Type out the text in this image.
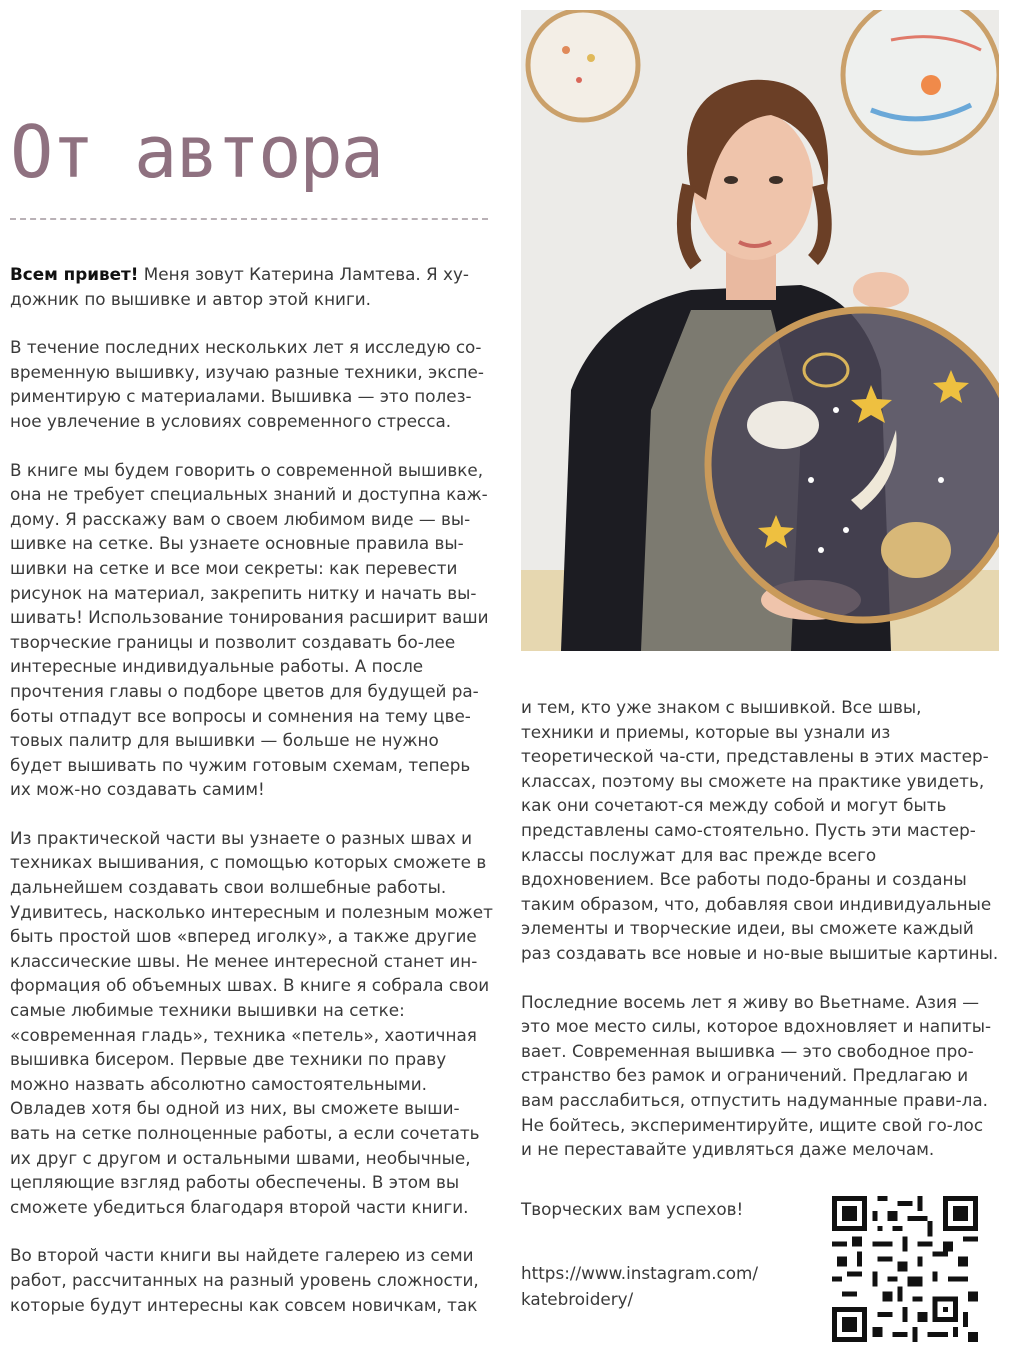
От автора

Всем привет! Меня зовут Катерина Ламтева. Я ху-дожник по вышивке и автор этой книги.

В течение последних нескольких лет я исследую со-временную вышивку, изучаю разные техники, экспе-риментирую с материалами. Вышивка — это полез-ное увлечение в условиях современного стресса.

В книге мы будем говорить о современной вышивке, она не требует специальных знаний и доступна каж-дому. Я расскажу вам о своем любимом виде — вы-шивке на сетке. Вы узнаете основные правила вы-шивки на сетке и все мои секреты: как перевести рисунок на материал, закрепить нитку и начать вы-шивать! Использование тонирования расширит ваши творческие границы и позволит создавать бо-лее интересные индивидуальные работы. А после прочтения главы о подборе цветов для будущей ра-боты отпадут все вопросы и сомнения на тему цве-товых палитр для вышивки — больше не нужно будет вышивать по чужим готовым схемам, теперь их мож-но создавать самим!

Из практической части вы узнаете о разных швах и техниках вышивания, с помощью которых сможете в дальнейшем создавать свои волшебные работы. Удивитесь, насколько интересным и полезным может быть простой шов «вперед иголку», а также другие классические швы. Не менее интересной станет ин-формация об объемных швах. В книге я собрала свои самые любимые техники вышивки на сетке: «современная гладь», техника «петель», хаотичная вышивка бисером. Первые две техники по праву можно назвать абсолютно самостоятельными. Овладев хотя бы одной из них, вы сможете выши-вать на сетке полноценные работы, а если сочетать их друг с другом и остальными швами, необычные, цепляющие взгляд работы обеспечены. В этом вы сможете убедиться благодаря второй части книги.

Во второй части книги вы найдете галерею из семи работ, рассчитанных на разный уровень сложности, которые будут интересны как совсем новичкам, так

и тем, кто уже знаком с вышивкой. Все швы, техники и приемы, которые вы узнали из теоретической ча-сти, представлены в этих мастер-классах, поэтому вы сможете на практике увидеть, как они сочетают-ся между собой и могут быть представлены само-стоятельно. Пусть эти мастер-классы послужат для вас прежде всего вдохновением. Все работы подо-браны и созданы таким образом, что, добавляя свои индивидуальные элементы и творческие идеи, вы сможете каждый раз создавать все новые и но-вые вышитые картины.

Последние восемь лет я живу во Вьетнаме. Азия — это мое место силы, которое вдохновляет и напиты-вает. Современная вышивка — это свободное про-странство без рамок и ограничений. Предлагаю и вам расслабиться, отпустить надуманные прави-ла. Не бойтесь, экспериментируйте, ищите свой го-лос и не переставайте удивляться даже мелочам.

Творческих вам успехов!
https://www.instagram.com/
katebroidery/
